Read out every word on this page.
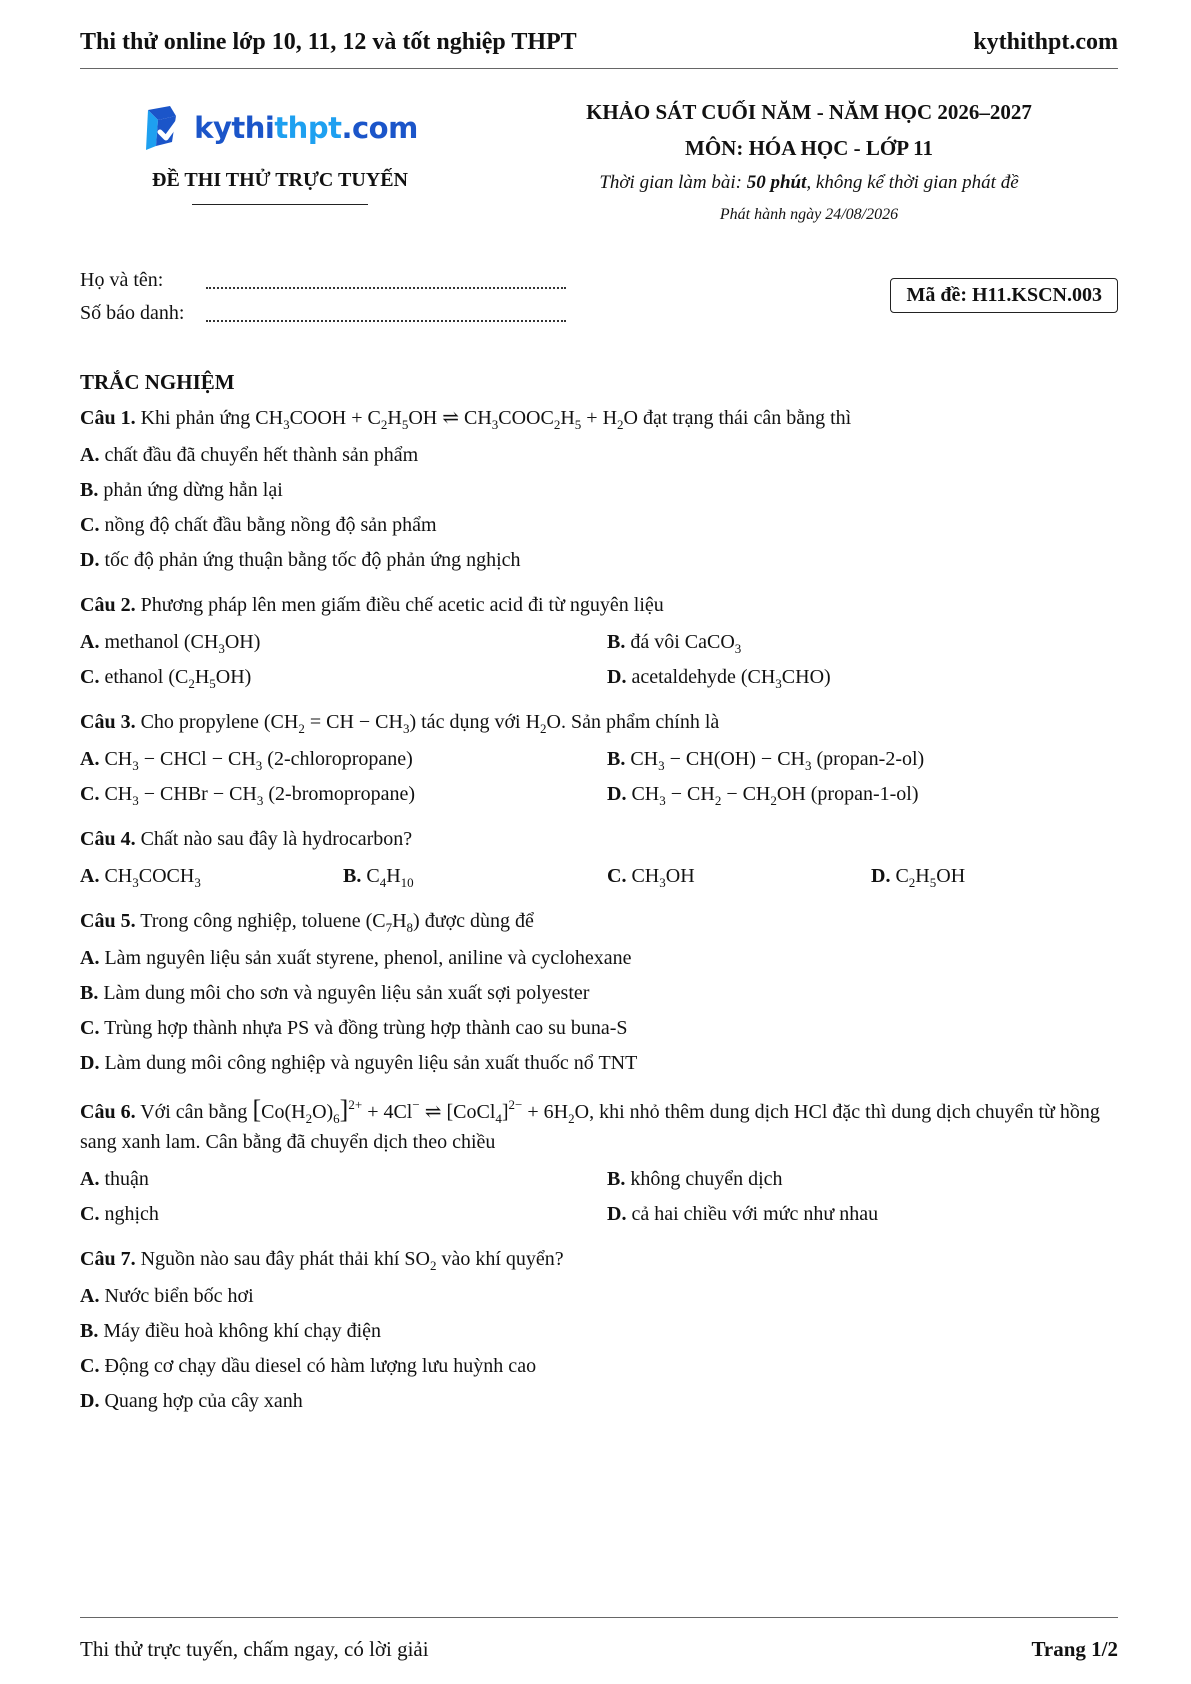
Thi thử online lớp 10, 11, 12 và tốt nghiệp THPT	kythithpt.com
kythithpt.com
ĐỀ THI THỬ TRỰC TUYẾN
KHẢO SÁT CUỐI NĂM - NĂM HỌC 2026–2027
MÔN: HÓA HỌC - LỚP 11
Thời gian làm bài: 50 phút, không kể thời gian phát đề
Phát hành ngày 24/08/2026
Họ và tên:
Số báo danh:
Mã đề: H11.KSCN.003
TRẮC NGHIỆM
Câu 1. Khi phản ứng $CH_3COOH + C_2H_5OH$ ⇌ $CH_3COOC_2H_5 + H_2O$ đạt trạng thái cân bằng thì
A. chất đầu đã chuyển hết thành sản phẩm
B. phản ứng dừng hẳn lại
C. nồng độ chất đầu bằng nồng độ sản phẩm
D. tốc độ phản ứng thuận bằng tốc độ phản ứng nghịch
Câu 2. Phương pháp lên men giấm điều chế acetic acid đi từ nguyên liệu
A. methanol $(CH_3OH)$	B. đá vôi CaCO$_3$
C. ethanol $(C_2H_5OH)$	D. acetaldehyde $(CH_3CHO)$
Câu 3. Cho propylene ($CH_2$ = CH − $CH_3$) tác dụng với $H_2O$. Sản phẩm chính là
A. $CH_3$ − CHCl − $CH_3$ (2-chloropropane)	B. $CH_3 - CH(OH) - CH_3$ (propan-2-ol)
C. $CH_3$ − CHBr − $CH_3$ (2-bromopropane)	D. $CH_3 - CH_2 - CH_2OH$ (propan-1-ol)
Câu 4. Chất nào sau đây là hydrocarbon?
A. $CH_3COCH_3$	B. $C_4H_{10}$	C. $CH_3OH$	D. $C_2H_5OH$
Câu 5. Trong công nghiệp, toluene $(C_7H_8)$ được dùng để
A. Làm nguyên liệu sản xuất styrene, phenol, aniline và cyclohexane
B. Làm dung môi cho sơn và nguyên liệu sản xuất sợi polyester
C. Trùng hợp thành nhựa PS và đồng trùng hợp thành cao su buna-S
D. Làm dung môi công nghiệp và nguyên liệu sản xuất thuốc nổ TNT
Câu 6. Với cân bằng $[Co(H_2O)_6]^{2+} + 4Cl^-$ ⇌ [CoCl$_4$]$^{2-}$ + $6H_2O$, khi nhỏ thêm dung dịch HCl đặc thì dung dịch chuyển từ hồng sang xanh lam. Cân bằng đã chuyển dịch theo chiều
A. thuận	B. không chuyển dịch
C. nghịch	D. cả hai chiều với mức như nhau
Câu 7. Nguồn nào sau đây phát thải khí $SO_2$ vào khí quyển?
A. Nước biển bốc hơi
B. Máy điều hoà không khí chạy điện
C. Động cơ chạy dầu diesel có hàm lượng lưu huỳnh cao
D. Quang hợp của cây xanh
Thi thử trực tuyến, chấm ngay, có lời giải	Trang 1/2
